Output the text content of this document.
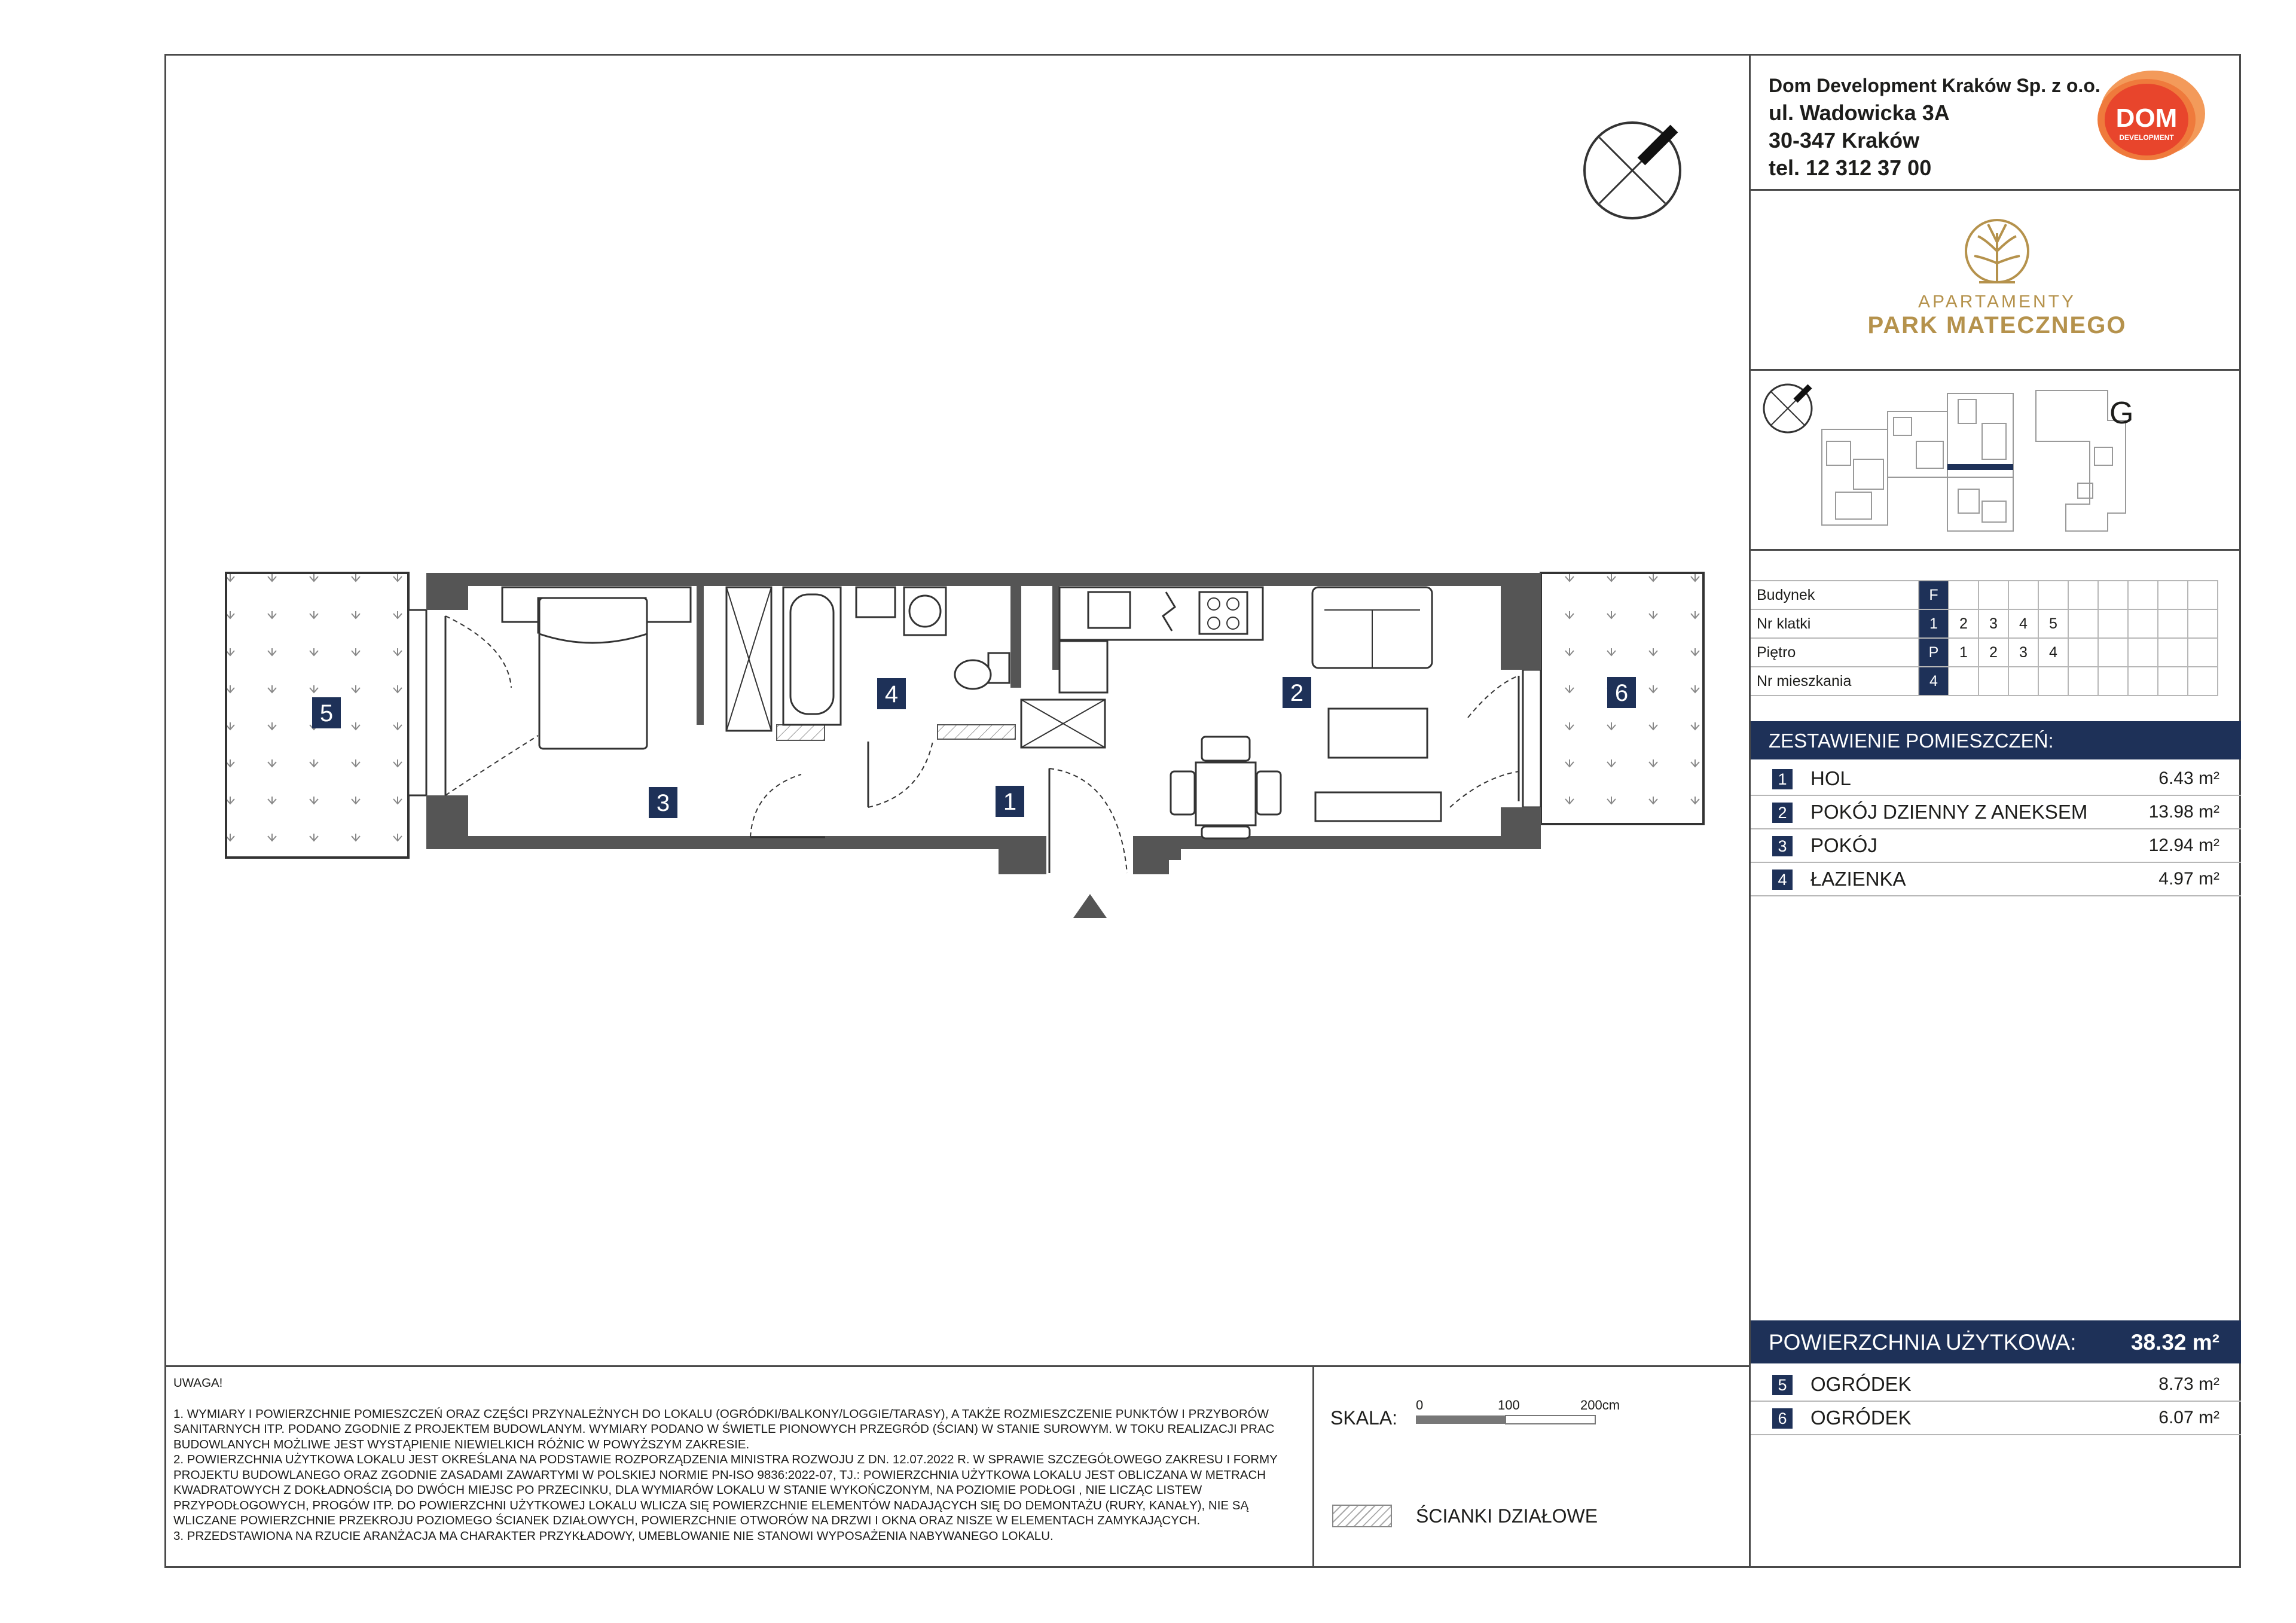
Dom Development Kraków Sp. z o.o.
ul. Wadowicka 3A
30-347 Kraków
tel. 12 312 37 00
DOM
DEVELOPMENT
APARTAMENTY
PARK MATECZNEGO
G
Budynek	F									
Nr klatki	1	2	3	4	5					
Piętro	P	1	2	3	4					
Nr mieszkania	4									
ZESTAWIENIE POMIESZCZEŃ:
1 HOL	6.43 m²
2 POKÓJ DZIENNY Z ANEKSEM	13.98 m²
3 POKÓJ	12.94 m²
4 ŁAZIENKA	4.97 m²
POWIERZCHNIA UŻYTKOWA: 38.32 m²
5 OGRÓDEK	8.73 m²
6 OGRÓDEK	6.07 m²
1
2
3
4
5
6

UWAGA!

1. WYMIARY I POWIERZCHNIE POMIESZCZEŃ ORAZ CZĘŚCI PRZYNALEŻNYCH DO LOKALU (OGRÓDKI/BALKONY/LOGGIE/TARASY), A TAKŻE ROZMIESZCZENIE PUNKTÓW I PRZYBORÓW SANITARNYCH ITP. PODANO ZGODNIE Z PROJEKTEM BUDOWLANYM. WYMIARY PODANO W ŚWIETLE PIONOWYCH PRZEGRÓD (ŚCIAN) W STANIE SUROWYM. W TOKU REALIZACJI PRAC BUDOWLANYCH MOŻLIWE JEST WYSTĄPIENIE NIEWIELKICH RÓŻNIC W POWYŻSZYM ZAKRESIE.

2. POWIERZCHNIA UŻYTKOWA LOKALU JEST OKREŚLANA NA PODSTAWIE ROZPORZĄDZENIA MINISTRA ROZWOJU Z DN. 12.07.2022 R. W SPRAWIE SZCZEGÓŁOWEGO ZAKRESU I FORMY PROJEKTU BUDOWLANEGO ORAZ ZGODNIE ZASADAMI ZAWARTYMI W POLSKIEJ NORMIE PN-ISO 9836:2022-07, TJ.: POWIERZCHNIA UŻYTKOWA LOKALU JEST OBLICZANA W METRACH KWADRATOWYCH Z DOKŁADNOŚCIĄ DO DWÓCH MIEJSC PO PRZECINKU, DLA WYMIARÓW LOKALU W STANIE WYKOŃCZONYM, NA POZIOMIE PODŁOGI , NIE LICZĄC LISTEW PRZYPODŁOGOWYCH, PROGÓW ITP. DO POWIERZCHNI UŻYTKOWEJ LOKALU WLICZA SIĘ POWIERZCHNIE ELEMENTÓW NADAJĄCYCH SIĘ DO DEMONTAŻU (RURY, KANAŁY), NIE SĄ WLICZANE POWIERZCHNIE PRZEKROJU POZIOMEGO ŚCIANEK DZIAŁOWYCH, POWIERZCHNIE OTWORÓW NA DRZWI I OKNA ORAZ NISZE W ELEMENTACH ZAMYKAJĄCYCH.

3. PRZEDSTAWIONA NA RZUCIE ARANŻACJA MA CHARAKTER PRZYKŁADOWY, UMEBLOWANIE NIE STANOWI WYPOSAŻENIA NABYWANEGO LOKALU.

SKALA:
0	100	200cm
ŚCIANKI DZIAŁOWE
